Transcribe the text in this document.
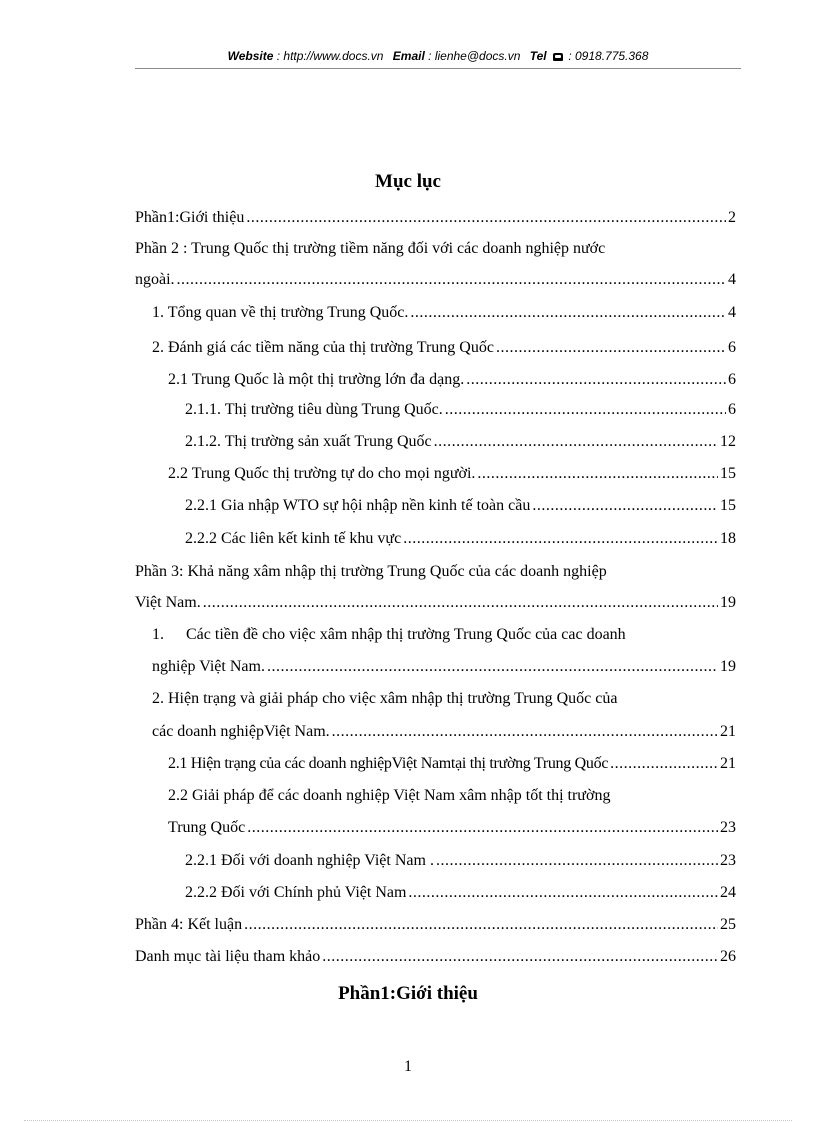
Website : http://www.docs.vn Email : lienhe@docs.vn Tel : 0918.775.368
Mục lục
Phần1:Giới thiệu .....	2
Phần 2 : Trung Quốc thị trường tiềm năng đối với các doanh nghiệp nước
ngoài. .....	4
1. Tổng quan về thị trường Trung Quốc. .....	4
2. Đánh giá các tiềm năng của thị trường Trung Quốc .....	6
2.1 Trung Quốc là một thị trường lớn đa dạng. .....	6
2.1.1. Thị trường tiêu dùng Trung Quốc. .....	6
2.1.2. Thị trường sản xuất Trung Quốc .....	12
2.2 Trung Quốc thị trường tự do cho mọi người. .....	15
2.2.1 Gia nhập WTO sự hội nhập nền kinh tế toàn cầu .....	15
2.2.2 Các liên kết kinh tế khu vực .....	18
Phần 3: Khả năng xâm nhập thị trường Trung Quốc của các doanh nghiệp
Việt Nam. .....	19
1. Các tiền đề cho việc xâm nhập thị trường Trung Quốc của cac doanh
nghiệp Việt Nam. .....	19
2. Hiện trạng và giải pháp cho việc xâm nhập thị trường Trung Quốc của
các doanh nghiệpViệt Nam. .....	21
2.1 Hiện trạng của các doanh nghiệpViệt Namtại thị trường Trung Quốc .....	21
2.2 Giải pháp để các doanh nghiệp Việt Nam xâm nhập tốt thị trường
Trung Quốc .....	23
2.2.1 Đối với doanh nghiệp Việt Nam . .....	23
2.2.2 Đối với Chính phủ Việt Nam .....	24
Phần 4: Kết luận .....	25
Danh mục tài liệu tham khảo .....	26
Phần1:Giới thiệu
1
